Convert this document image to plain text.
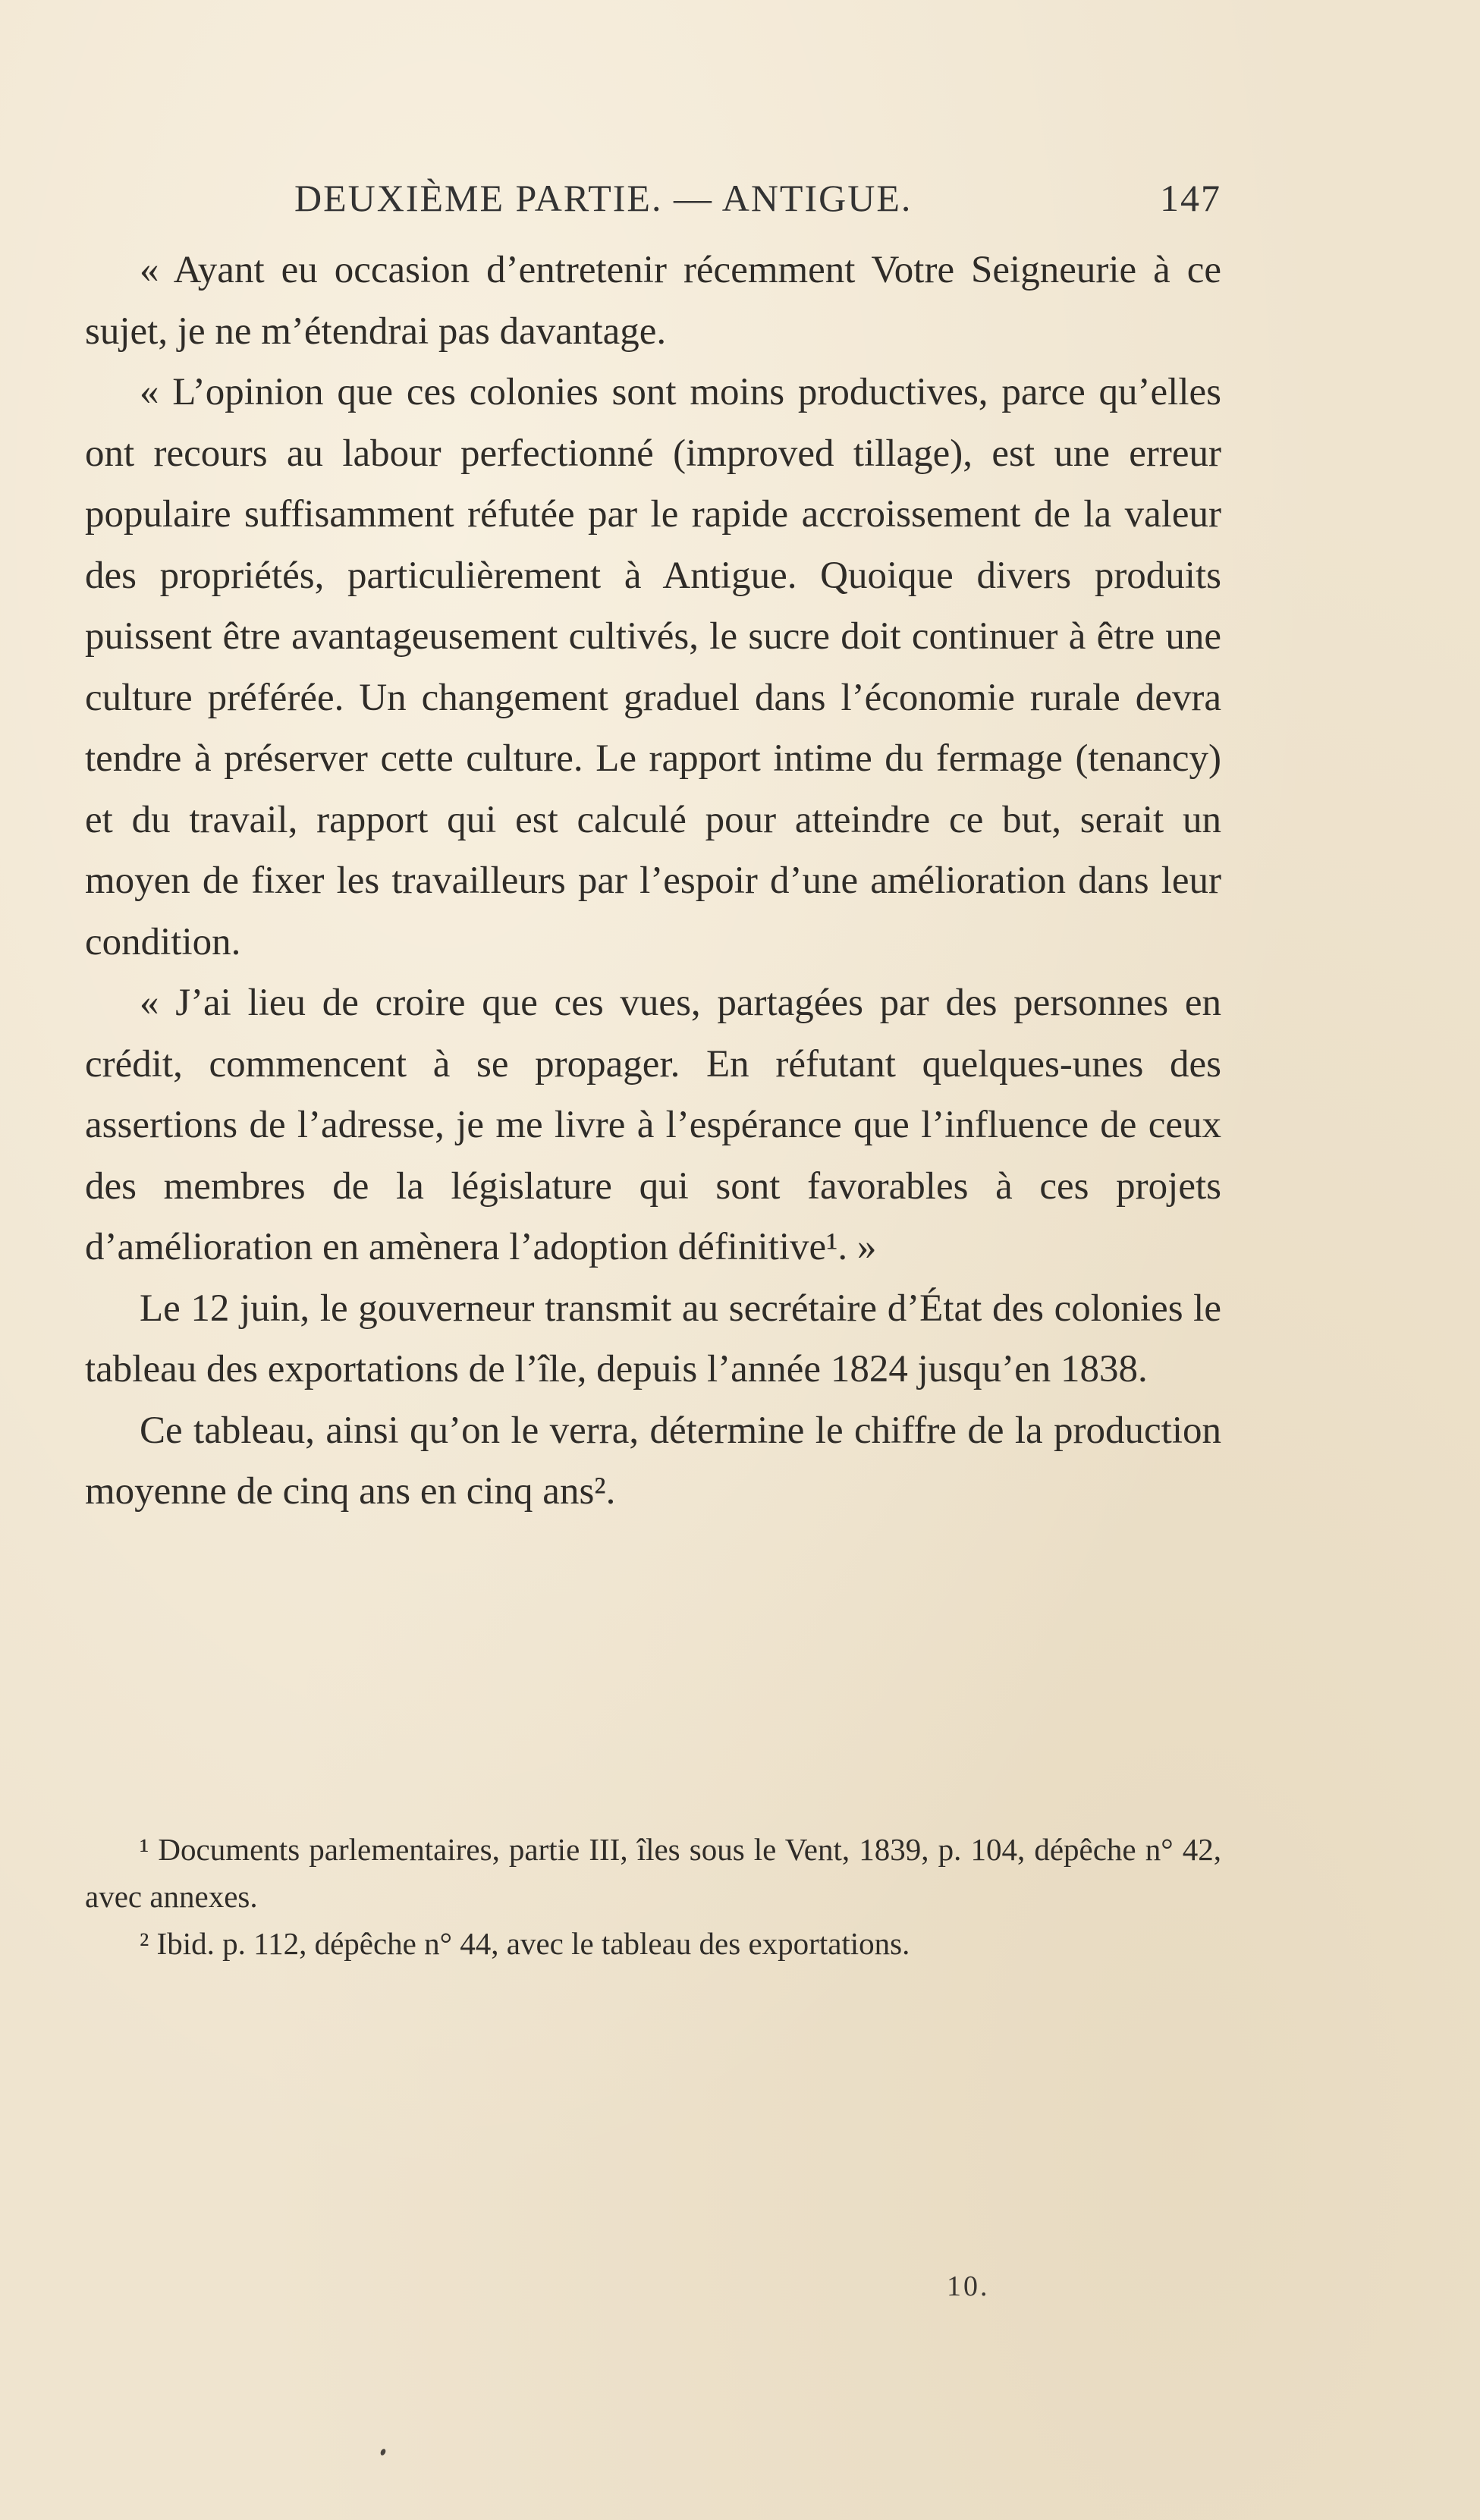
DEUXIÈME PARTIE. — ANTIGUE.	147

« Ayant eu occasion d’entretenir récemment Votre Seigneurie à ce sujet, je ne m’étendrai pas davantage.

« L’opinion que ces colonies sont moins productives, parce qu’elles ont recours au labour perfectionné (improved tillage), est une erreur populaire suffisamment réfutée par le rapide accroissement de la valeur des propriétés, particulièrement à Antigue. Quoique divers produits puissent être avantageusement cultivés, le sucre doit continuer à être une culture préférée. Un changement graduel dans l’économie rurale devra tendre à préserver cette culture. Le rapport intime du fermage (tenancy) et du travail, rapport qui est calculé pour atteindre ce but, serait un moyen de fixer les travailleurs par l’espoir d’une amélioration dans leur condition.

« J’ai lieu de croire que ces vues, partagées par des personnes en crédit, commencent à se propager. En réfutant quelques-unes des assertions de l’adresse, je me livre à l’espérance que l’influence de ceux des membres de la législature qui sont favorables à ces projets d’amélioration en amènera l’adoption définitive¹. »

Le 12 juin, le gouverneur transmit au secrétaire d’État des colonies le tableau des exportations de l’île, depuis l’année 1824 jusqu’en 1838.

Ce tableau, ainsi qu’on le verra, détermine le chiffre de la production moyenne de cinq ans en cinq ans².

¹ Documents parlementaires, partie III, îles sous le Vent, 1839, p. 104, dépêche n° 42, avec annexes.

² Ibid. p. 112, dépêche n° 44, avec le tableau des exportations.

10.
